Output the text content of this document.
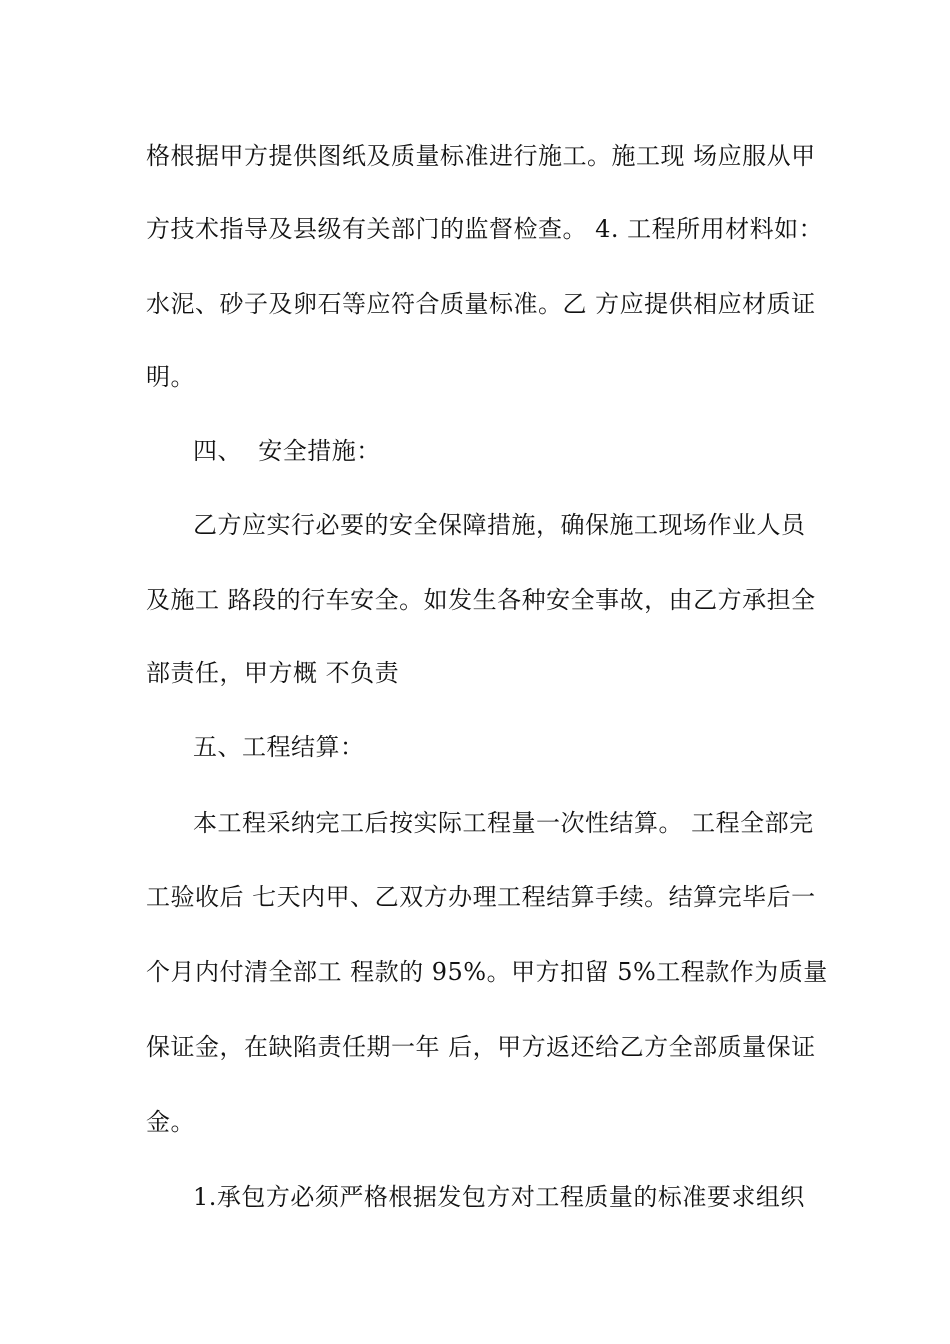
格根据甲方提供图纸及质量标准进行施工。施工现 场应服从甲
方技术指导及县级有关部门的监督检查。 4. 工程所用材料如：
水泥、砂子及卵石等应符合质量标准。乙 方应提供相应材质证
明。
四、  安全措施：
乙方应实行必要的安全保障措施，确保施工现场作业人员
及施工 路段的行车安全。如发生各种安全事故，由乙方承担全
部责任，甲方概 不负责
五、工程结算：
本工程采纳完工后按实际工程量一次性结算。 工程全部完
工验收后 七天内甲、乙双方办理工程结算手续。结算完毕后一
个月内付清全部工 程款的 95%。甲方扣留 5%工程款作为质量
保证金，在缺陷责任期一年 后，甲方返还给乙方全部质量保证
金。
1.承包方必须严格根据发包方对工程质量的标准要求组织
